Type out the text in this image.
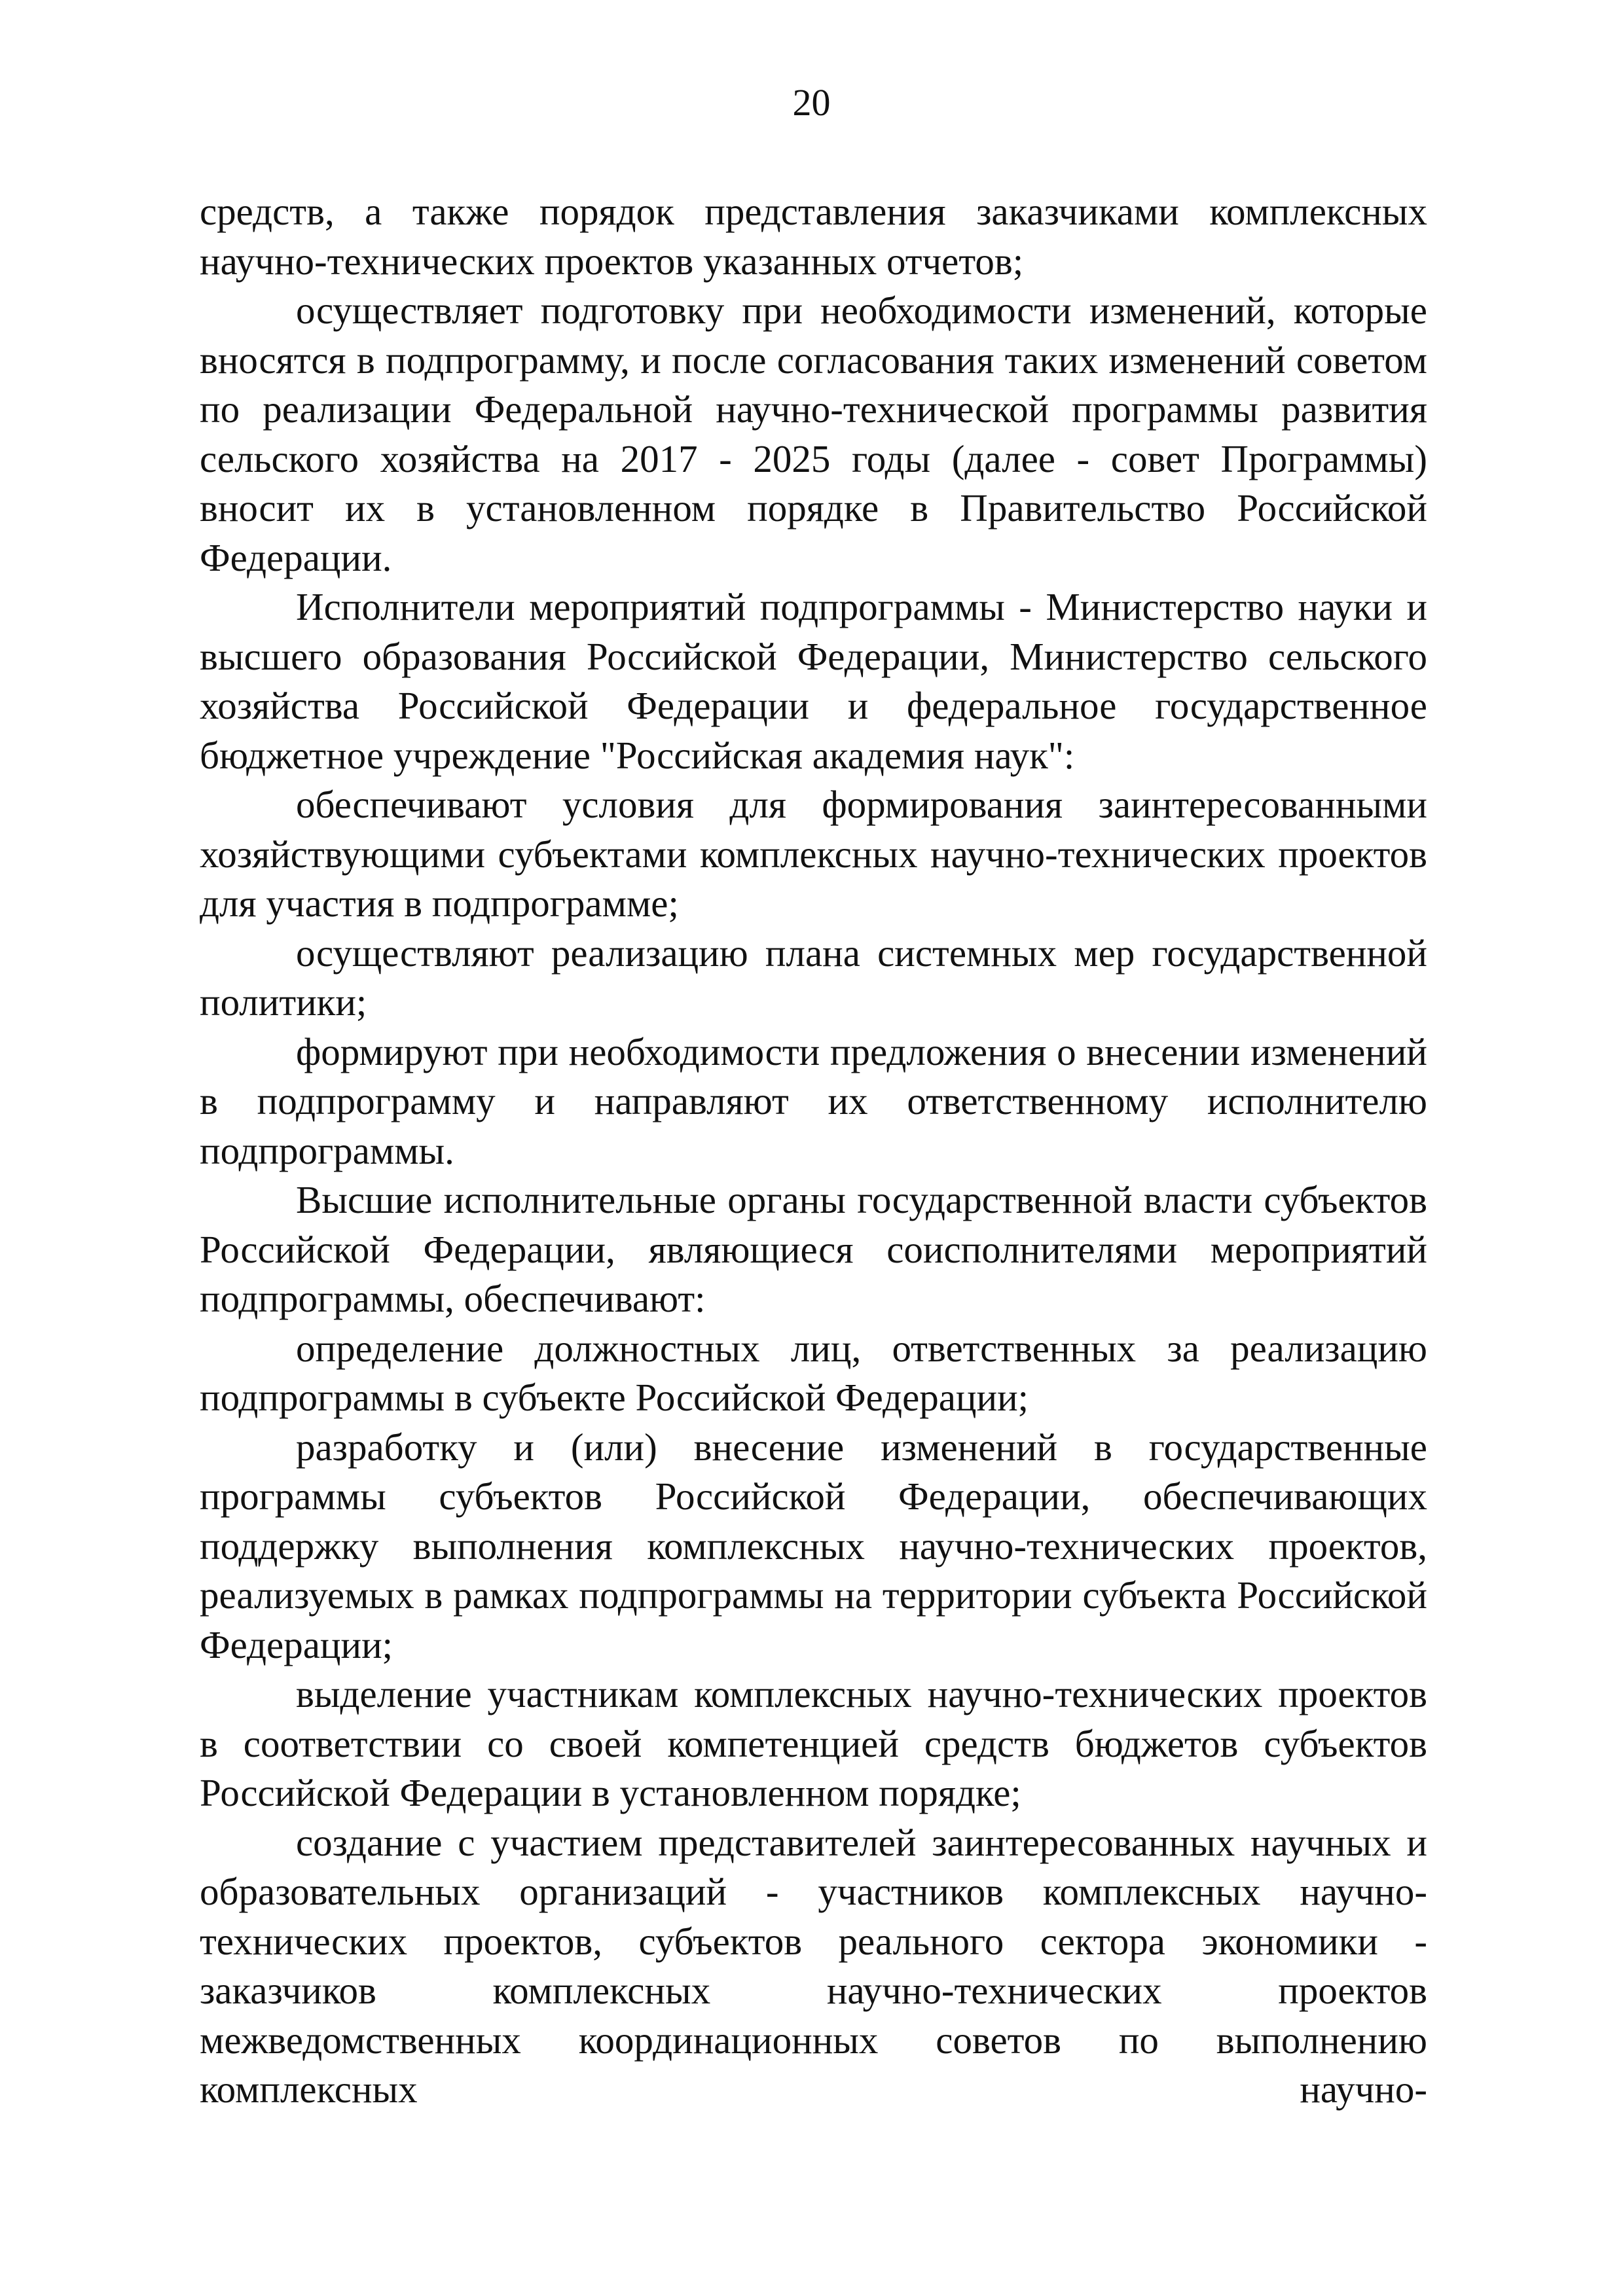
20

средств, а также порядок представления заказчиками комплексных научно-технических проектов указанных отчетов;

осуществляет подготовку при необходимости изменений, которые вносятся в подпрограмму, и после согласования таких изменений советом по реализации Федеральной научно-технической программы развития сельского хозяйства на 2017 - 2025 годы (далее - совет Программы) вносит их в установленном порядке в Правительство Российской Федерации.

Исполнители мероприятий подпрограммы - Министерство науки и высшего образования Российской Федерации, Министерство сельского хозяйства Российской Федерации и федеральное государственное бюджетное учреждение "Российская академия наук":

обеспечивают условия для формирования заинтересованными хозяйствующими субъектами комплексных научно-технических проектов для участия в подпрограмме;

осуществляют реализацию плана системных мер государственной политики;

формируют при необходимости предложения о внесении изменений в подпрограмму и направляют их ответственному исполнителю подпрограммы.

Высшие исполнительные органы государственной власти субъектов Российской Федерации, являющиеся соисполнителями мероприятий подпрограммы, обеспечивают:

определение должностных лиц, ответственных за реализацию подпрограммы в субъекте Российской Федерации;

разработку и (или) внесение изменений в государственные программы субъектов Российской Федерации, обеспечивающих поддержку выполнения комплексных научно-технических проектов, реализуемых в рамках подпрограммы на территории субъекта Российской Федерации;

выделение участникам комплексных научно-технических проектов в соответствии со своей компетенцией средств бюджетов субъектов Российской Федерации в установленном порядке;

создание с участием представителей заинтересованных научных и образовательных организаций - участников комплексных научно-технических проектов, субъектов реального сектора экономики - заказчиков комплексных научно-технических проектов межведомственных координационных советов по выполнению комплексных научно-
